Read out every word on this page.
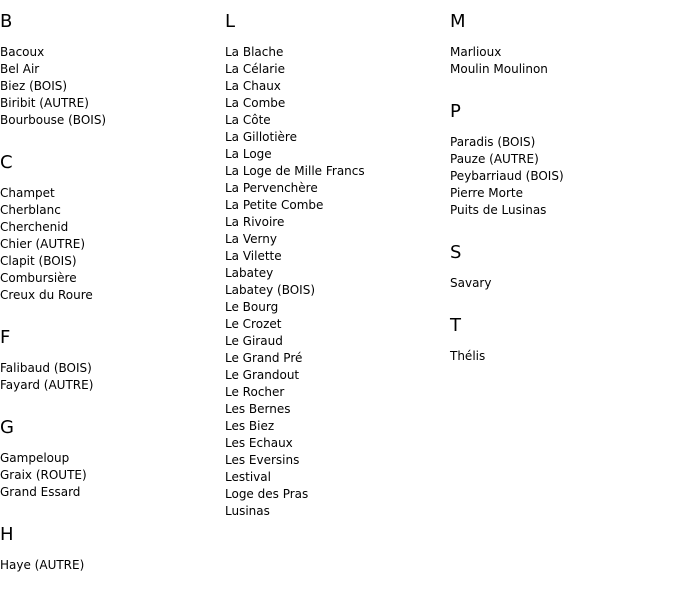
B
Bacoux
Bel Air
Biez (BOIS)
Biribit (AUTRE)
Bourbouse (BOIS)
C
Champet
Cherblanc
Cherchenid
Chier (AUTRE)
Clapit (BOIS)
Combursière
Creux du Roure
F
Falibaud (BOIS)
Fayard (AUTRE)
G
Gampeloup
Graix (ROUTE)
Grand Essard
H
Haye (AUTRE)
L
La Blache
La Célarie
La Chaux
La Combe
La Côte
La Gillotière
La Loge
La Loge de Mille Francs
La Pervenchère
La Petite Combe
La Rivoire
La Verny
La Vilette
Labatey
Labatey (BOIS)
Le Bourg
Le Crozet
Le Giraud
Le Grand Pré
Le Grandout
Le Rocher
Les Bernes
Les Biez
Les Echaux
Les Eversins
Lestival
Loge des Pras
Lusinas
M
Marlioux
Moulin Moulinon
P
Paradis (BOIS)
Pauze (AUTRE)
Peybarriaud (BOIS)
Pierre Morte
Puits de Lusinas
S
Savary
T
Thélis
